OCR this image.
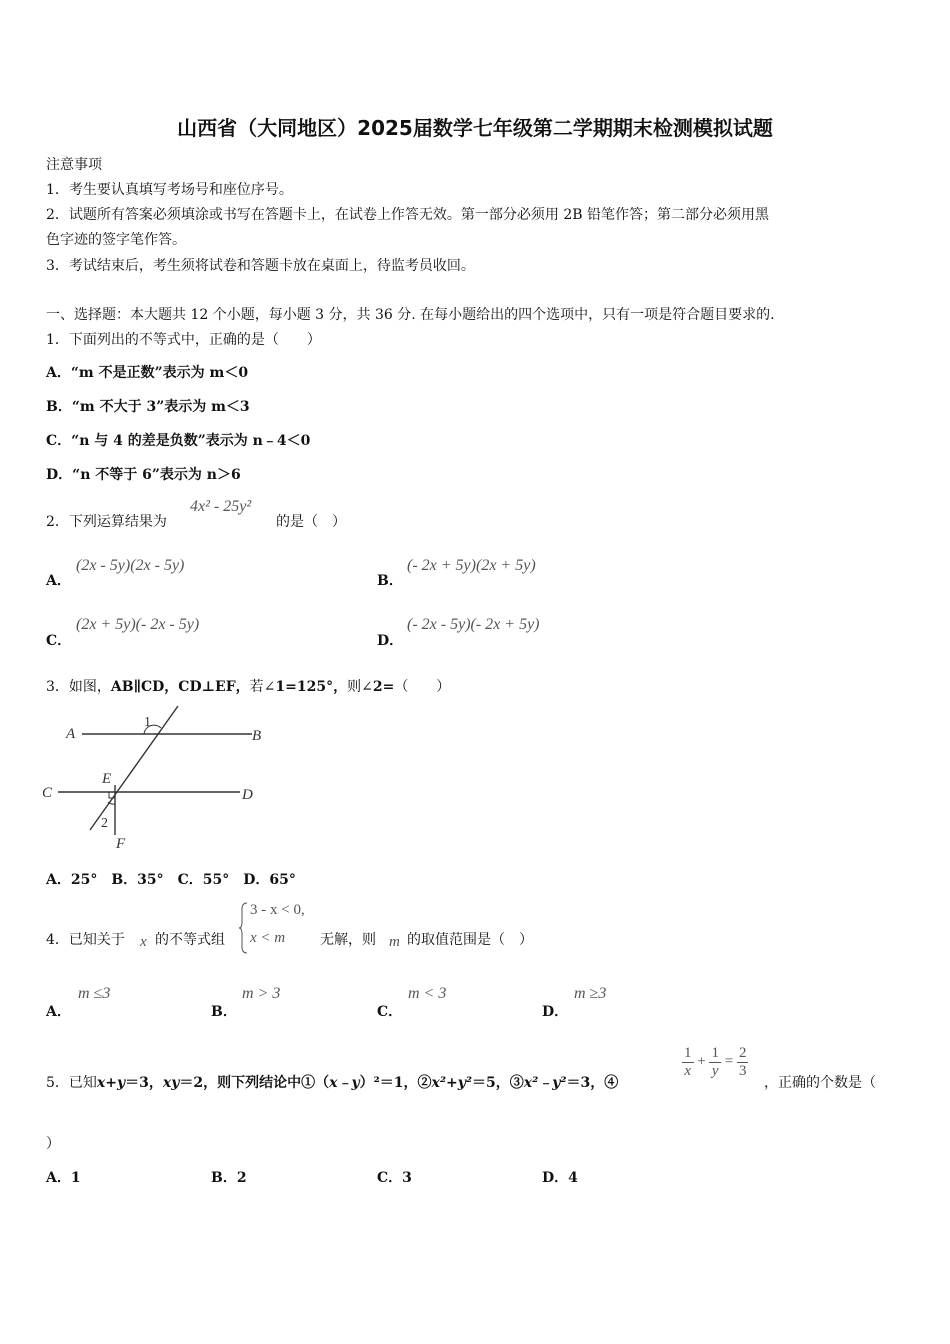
山西省（大同地区）2025届数学七年级第二学期期末检测模拟试题
注意事项
1．考生要认真填写考场号和座位序号。
2．试题所有答案必须填涂或书写在答题卡上，在试卷上作答无效。第一部分必须用 2B 铅笔作答；第二部分必须用黑
色字迹的签字笔作答。
3．考试结束后，考生须将试卷和答题卡放在桌面上，待监考员收回。
一、选择题：本大题共 12 个小题，每小题 3 分，共 36 分. 在每小题给出的四个选项中，只有一项是符合题目要求的.
1．下面列出的不等式中，正确的是（　　）
A．“m 不是正数”表示为 m＜0
B．“m 不大于 3”表示为 m＜3
C．“n 与 4 的差是负数”表示为 n﹣4＜0
D．“n 不等于 6”表示为 n＞6
2．下列运算结果为
4x² - 25y²
的是（　）
A．
(2x - 5y)(2x - 5y)
B．
(- 2x + 5y)(2x + 5y)
C．
(2x + 5y)(- 2x - 5y)
D．
(- 2x - 5y)(- 2x + 5y)
3．如图，AB∥CD，CD⊥EF，若∠1=125°，则∠2=（　　）
A	B
C	D
E
F
1
2
A．25°　B．35°　C．55°　D．65°
4．已知关于 x 的不等式组
3 - x < 0,
x < m 无解，则 m 的取值范围是（　）
A．
m ≤3
B．
m > 3
C．
m < 3
D．
m ≥3
5．已知x+y＝3，xy＝2，则下列结论中①（x﹣y）²＝1，②x²+y²＝5，③x²﹣y²＝3，④
$\frac{1}{x} + \frac{1}{y} = \frac{2}{3}$
，正确的个数是（
）
A．1	B．2	C．3	D．4
